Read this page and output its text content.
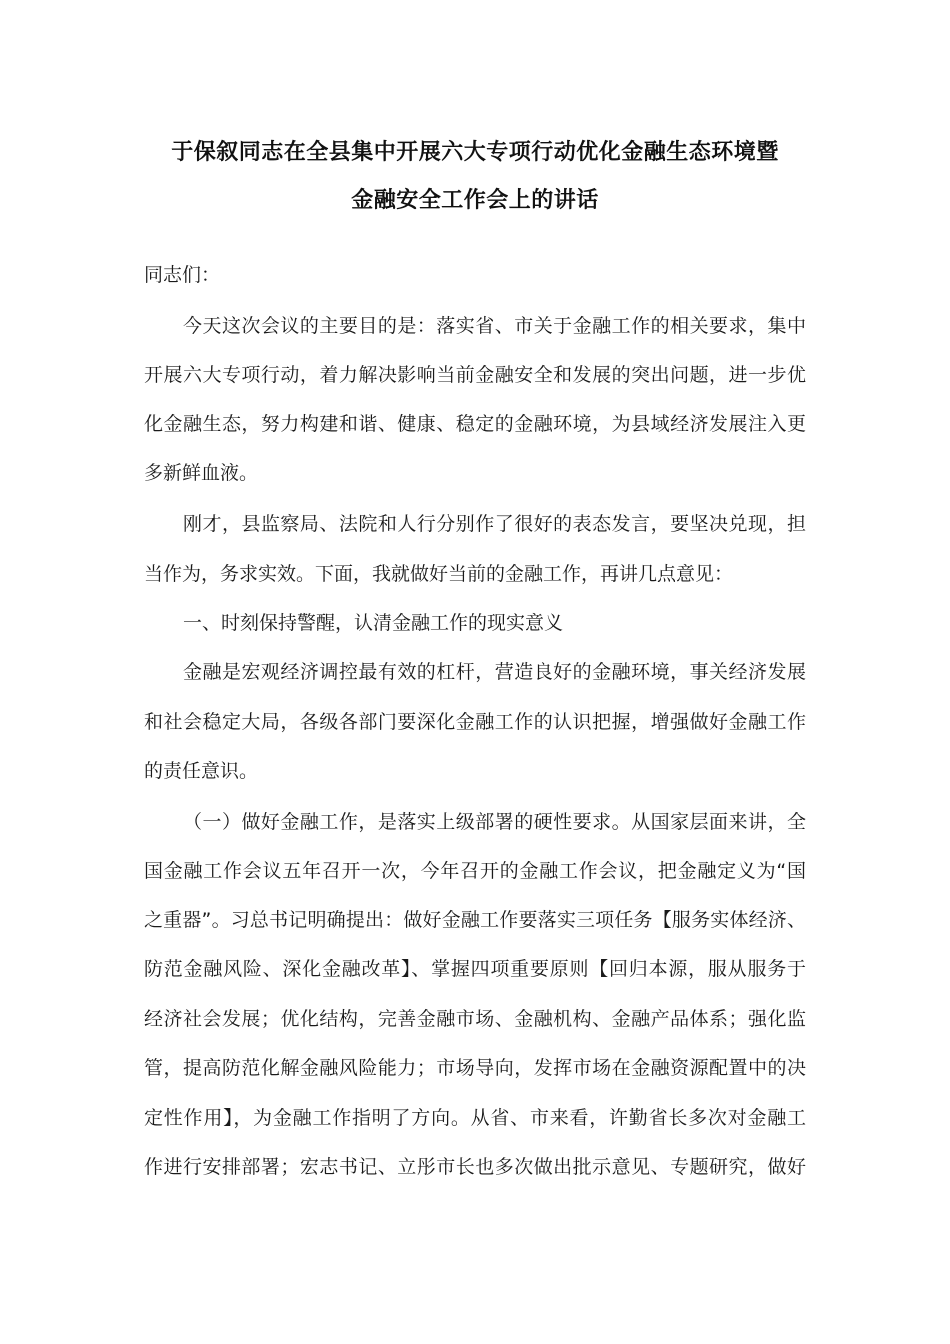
于保叙同志在全县集中开展六大专项行动优化金融生态环境暨
金融安全工作会上的讲话
同志们：
今天这次会议的主要目的是：落实省、市关于金融工作的相关要求，集中
开展六大专项行动，着力解决影响当前金融安全和发展的突出问题，进一步优
化金融生态，努力构建和谐、健康、稳定的金融环境，为县域经济发展注入更
多新鲜血液。
刚才，县监察局、法院和人行分别作了很好的表态发言，要坚决兑现，担
当作为，务求实效。下面，我就做好当前的金融工作，再讲几点意见：
一、时刻保持警醒，认清金融工作的现实意义
金融是宏观经济调控最有效的杠杆，营造良好的金融环境，事关经济发展
和社会稳定大局，各级各部门要深化金融工作的认识把握，增强做好金融工作
的责任意识。
（一）做好金融工作，是落实上级部署的硬性要求。从国家层面来讲，全
国金融工作会议五年召开一次，今年召开的金融工作会议，把金融定义为“国
之重器”。习总书记明确提出：做好金融工作要落实三项任务【服务实体经济、
防范金融风险、深化金融改革】、掌握四项重要原则【回归本源，服从服务于
经济社会发展；优化结构，完善金融市场、金融机构、金融产品体系；强化监
管，提高防范化解金融风险能力；市场导向，发挥市场在金融资源配置中的决
定性作用】，为金融工作指明了方向。从省、市来看，许勤省长多次对金融工
作进行安排部署；宏志书记、立彤市长也多次做出批示意见、专题研究，做好
